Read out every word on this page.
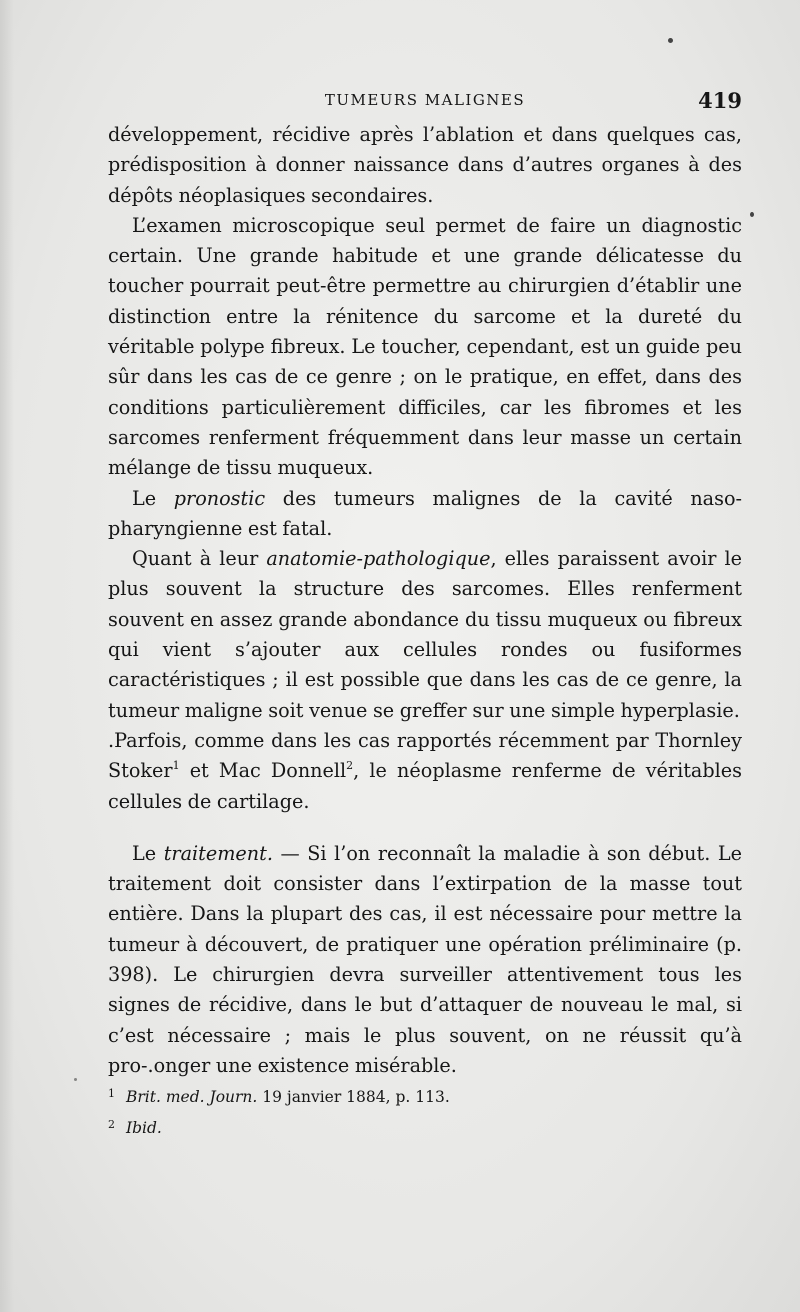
TUMEURS MALIGNES	419

développement, récidive après l’ablation et dans quelques cas, prédisposition à donner naissance dans d’autres organes à des dépôts néoplasiques secondaires.

L’examen microscopique seul permet de faire un diagnostic certain. Une grande habitude et une grande délicatesse du toucher pourrait peut-être permettre au chirurgien d’établir une distinction entre la rénitence du sarcome et la dureté du véritable polype fibreux. Le toucher, cependant, est un guide peu sûr dans les cas de ce genre ; on le pratique, en effet, dans des conditions particulièrement difficiles, car les fibromes et les sarcomes renferment fréquemment dans leur masse un certain mélange de tissu muqueux.

Le pronostic des tumeurs malignes de la cavité naso-pharyngienne est fatal.

Quant à leur anatomie-pathologique, elles paraissent avoir le plus souvent la structure des sarcomes. Elles renferment souvent en assez grande abondance du tissu muqueux ou fibreux qui vient s’ajouter aux cellules rondes ou fusiformes caractéristiques ; il est possible que dans les cas de ce genre, la tumeur maligne soit venue se greffer sur une simple hyperplasie.

.Parfois, comme dans les cas rapportés récemment par Thornley Stoker$^1$ et Mac Donnell$^2$, le néoplasme renferme de véritables cellules de cartilage.

Le traitement. — Si l’on reconnaît la maladie à son début. Le traitement doit consister dans l’extirpation de la masse tout entière. Dans la plupart des cas, il est nécessaire pour mettre la tumeur à découvert, de pratiquer une opération préliminaire (p. 398). Le chirurgien devra surveiller attentivement tous les signes de récidive, dans le but d’attaquer de nouveau le mal, si c’est nécessaire ; mais le plus souvent, on ne réussit qu’à pro-.onger une existence misérable.

1 Brit. med. Journ. 19 janvier 1884, p. 113.

2 Ibid.
